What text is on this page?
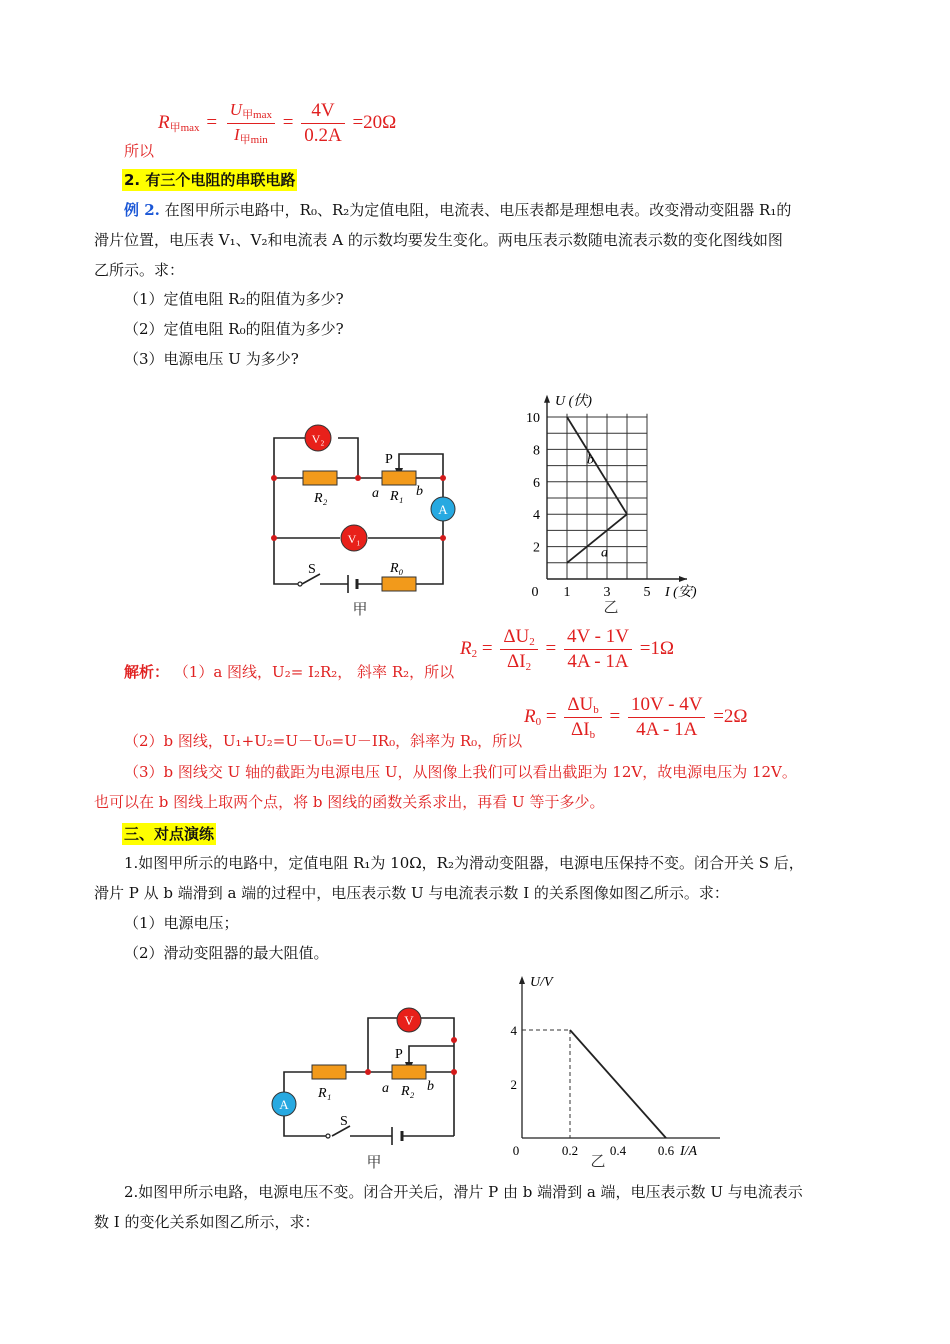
$R_{甲max} = \frac{U_{甲max}}{I_{甲min}} = \frac{4V}{0.2A} =20\Omega$
所以
2. 有三个电阻的串联电路
例 2. 在图甲所示电路中，R₀、R₂为定值电阻，电流表、电压表都是理想电表。改变滑动变阻器 R₁的
滑片位置，电压表 V₁、V₂和电流表 A 的示数均要发生变化。两电压表示数随电流表示数的变化图线如图
乙所示。求：
（1）定值电阻 R₂的阻值为多少?
（2）定值电阻 R₀的阻值为多少?
（3）电源电压 U 为多少?
V₂
V₁
A
R₂	R₁
R₀
P
a	b
S
甲
0 1 3 5
2
4
6
8
10
U (伏)
I (安)
a
b
乙
解析： （1）a 图线，U₂= I₂R₂， 斜率 R₂，所以
$R_2 = \frac{\Delta U_2}{\Delta I_2} = \frac{4V - 1V}{4A - 1A} =1\Omega$
$R_0 = \frac{\Delta U_b}{\Delta I_b} = \frac{10V - 4V}{4A - 1A} =2\Omega$
（2）b 图线，U₁+U₂=U－U₀=U－IR₀，斜率为 R₀，所以
（3）b 图线交 U 轴的截距为电源电压 U，从图像上我们可以看出截距为 12V，故电源电压为 12V。
也可以在 b 图线上取两个点，将 b 图线的函数关系求出，再看 U 等于多少。
三、对点演练
1.如图甲所示的电路中，定值电阻 R₁为 10Ω，R₂为滑动变阻器，电源电压保持不变。闭合开关 S 后，
滑片 P 从 b 端滑到 a 端的过程中，电压表示数 U 与电流表示数 I 的关系图像如图乙所示。求：
（1）电源电压；
（2）滑动变阻器的最大阻值。
V
A
R₁	R₂
P
a	b
S
甲
0	0.2 0.4 0.6
2
4
U/V
I/A
乙
2.如图甲所示电路，电源电压不变。闭合开关后，滑片 P 由 b 端滑到 a 端，电压表示数 U 与电流表示
数 I 的变化关系如图乙所示，求：
